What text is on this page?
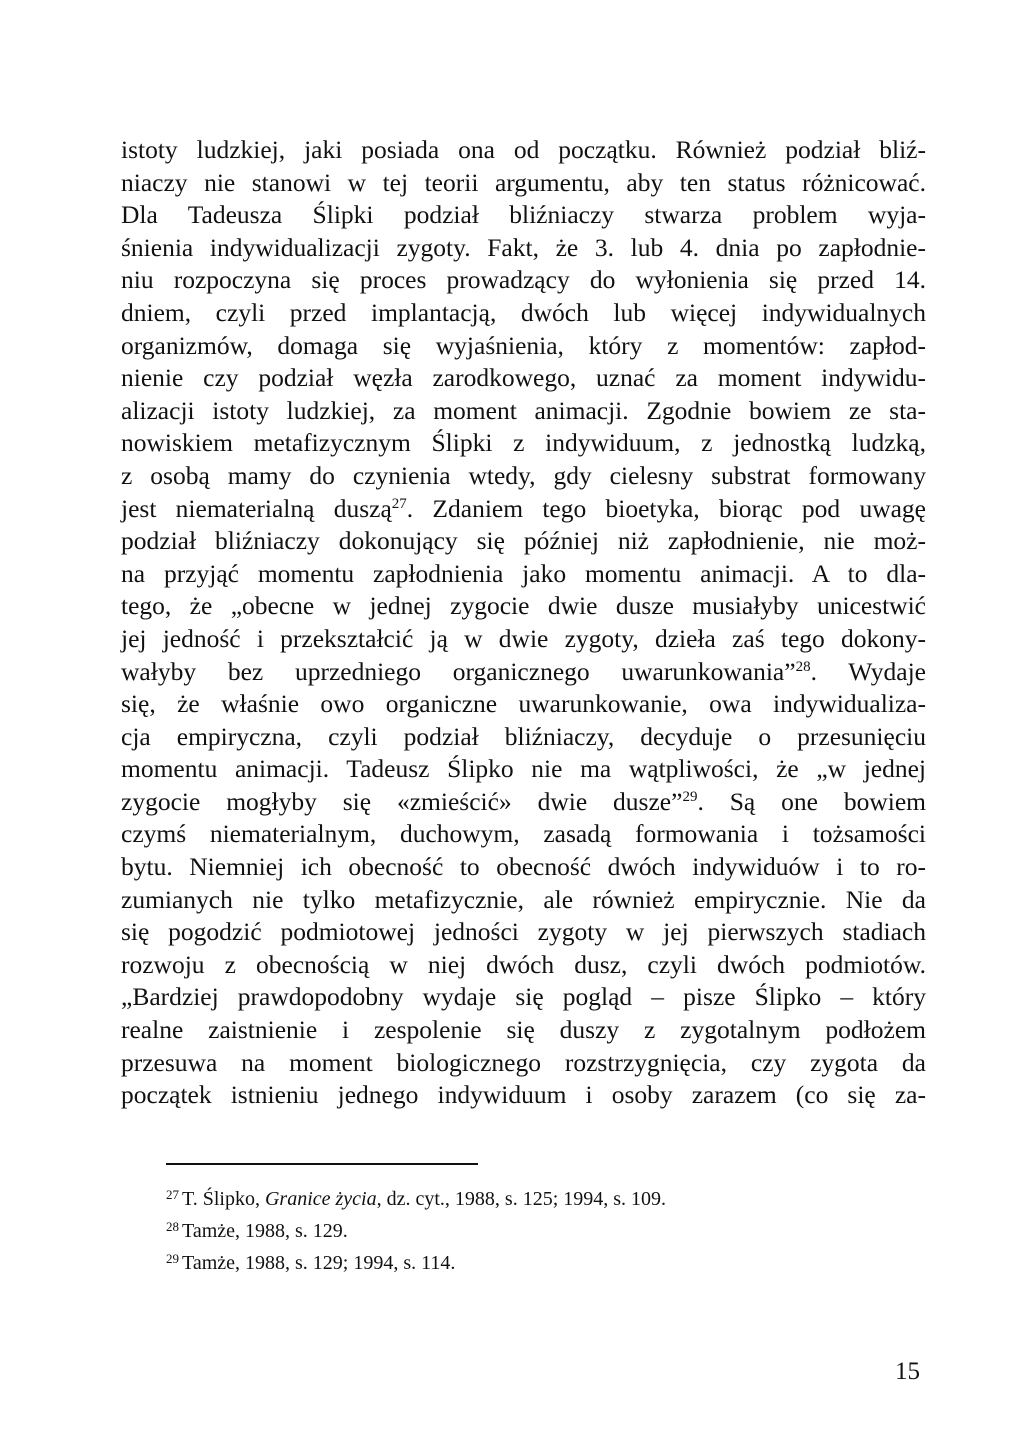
istoty ludzkiej, jaki posiada ona od początku. Również podział bliź-
niaczy nie stanowi w tej teorii argumentu, aby ten status różnicować.
Dla Tadeusza Ślipki podział bliźniaczy stwarza problem wyja-
śnienia indywidualizacji zygoty. Fakt, że 3. lub 4. dnia po zapłodnie-
niu rozpoczyna się proces prowadzący do wyłonienia się przed 14.
dniem, czyli przed implantacją, dwóch lub więcej indywidualnych
organizmów, domaga się wyjaśnienia, który z momentów: zapłod-
nienie czy podział węzła zarodkowego, uznać za moment indywidu-
alizacji istoty ludzkiej, za moment animacji. Zgodnie bowiem ze sta-
nowiskiem metafizycznym Ślipki z indywiduum, z jednostką ludzką,
z osobą mamy do czynienia wtedy, gdy cielesny substrat formowany
jest niematerialną duszą$^{27}$. Zdaniem tego bioetyka, biorąc pod uwagę
podział bliźniaczy dokonujący się później niż zapłodnienie, nie moż-
na przyjąć momentu zapłodnienia jako momentu animacji. A to dla-
tego, że „obecne w jednej zygocie dwie dusze musiałyby unicestwić
jej jedność i przekształcić ją w dwie zygoty, dzieła zaś tego dokony-
wałyby bez uprzedniego organicznego uwarunkowania”$^{28}$. Wydaje
się, że właśnie owo organiczne uwarunkowanie, owa indywidualiza-
cja empiryczna, czyli podział bliźniaczy, decyduje o przesunięciu
momentu animacji. Tadeusz Ślipko nie ma wątpliwości, że „w jednej
zygocie mogłyby się «zmieścić» dwie dusze”$^{29}$. Są one bowiem
czymś niematerialnym, duchowym, zasadą formowania i tożsamości
bytu. Niemniej ich obecność to obecność dwóch indywiduów i to ro-
zumianych nie tylko metafizycznie, ale również empirycznie. Nie da
się pogodzić podmiotowej jedności zygoty w jej pierwszych stadiach
rozwoju z obecnością w niej dwóch dusz, czyli dwóch podmiotów.
„Bardziej prawdopodobny wydaje się pogląd – pisze Ślipko – który
realne zaistnienie i zespolenie się duszy z zygotalnym podłożem
przesuwa na moment biologicznego rozstrzygnięcia, czy zygota da
początek istnieniu jednego indywiduum i osoby zarazem (co się za-
$^{27}$ T. Ślipko, Granice życia, dz. cyt., 1988, s. 125; 1994, s. 109.
$^{28}$ Tamże, 1988, s. 129.
$^{29}$ Tamże, 1988, s. 129; 1994, s. 114.
15
